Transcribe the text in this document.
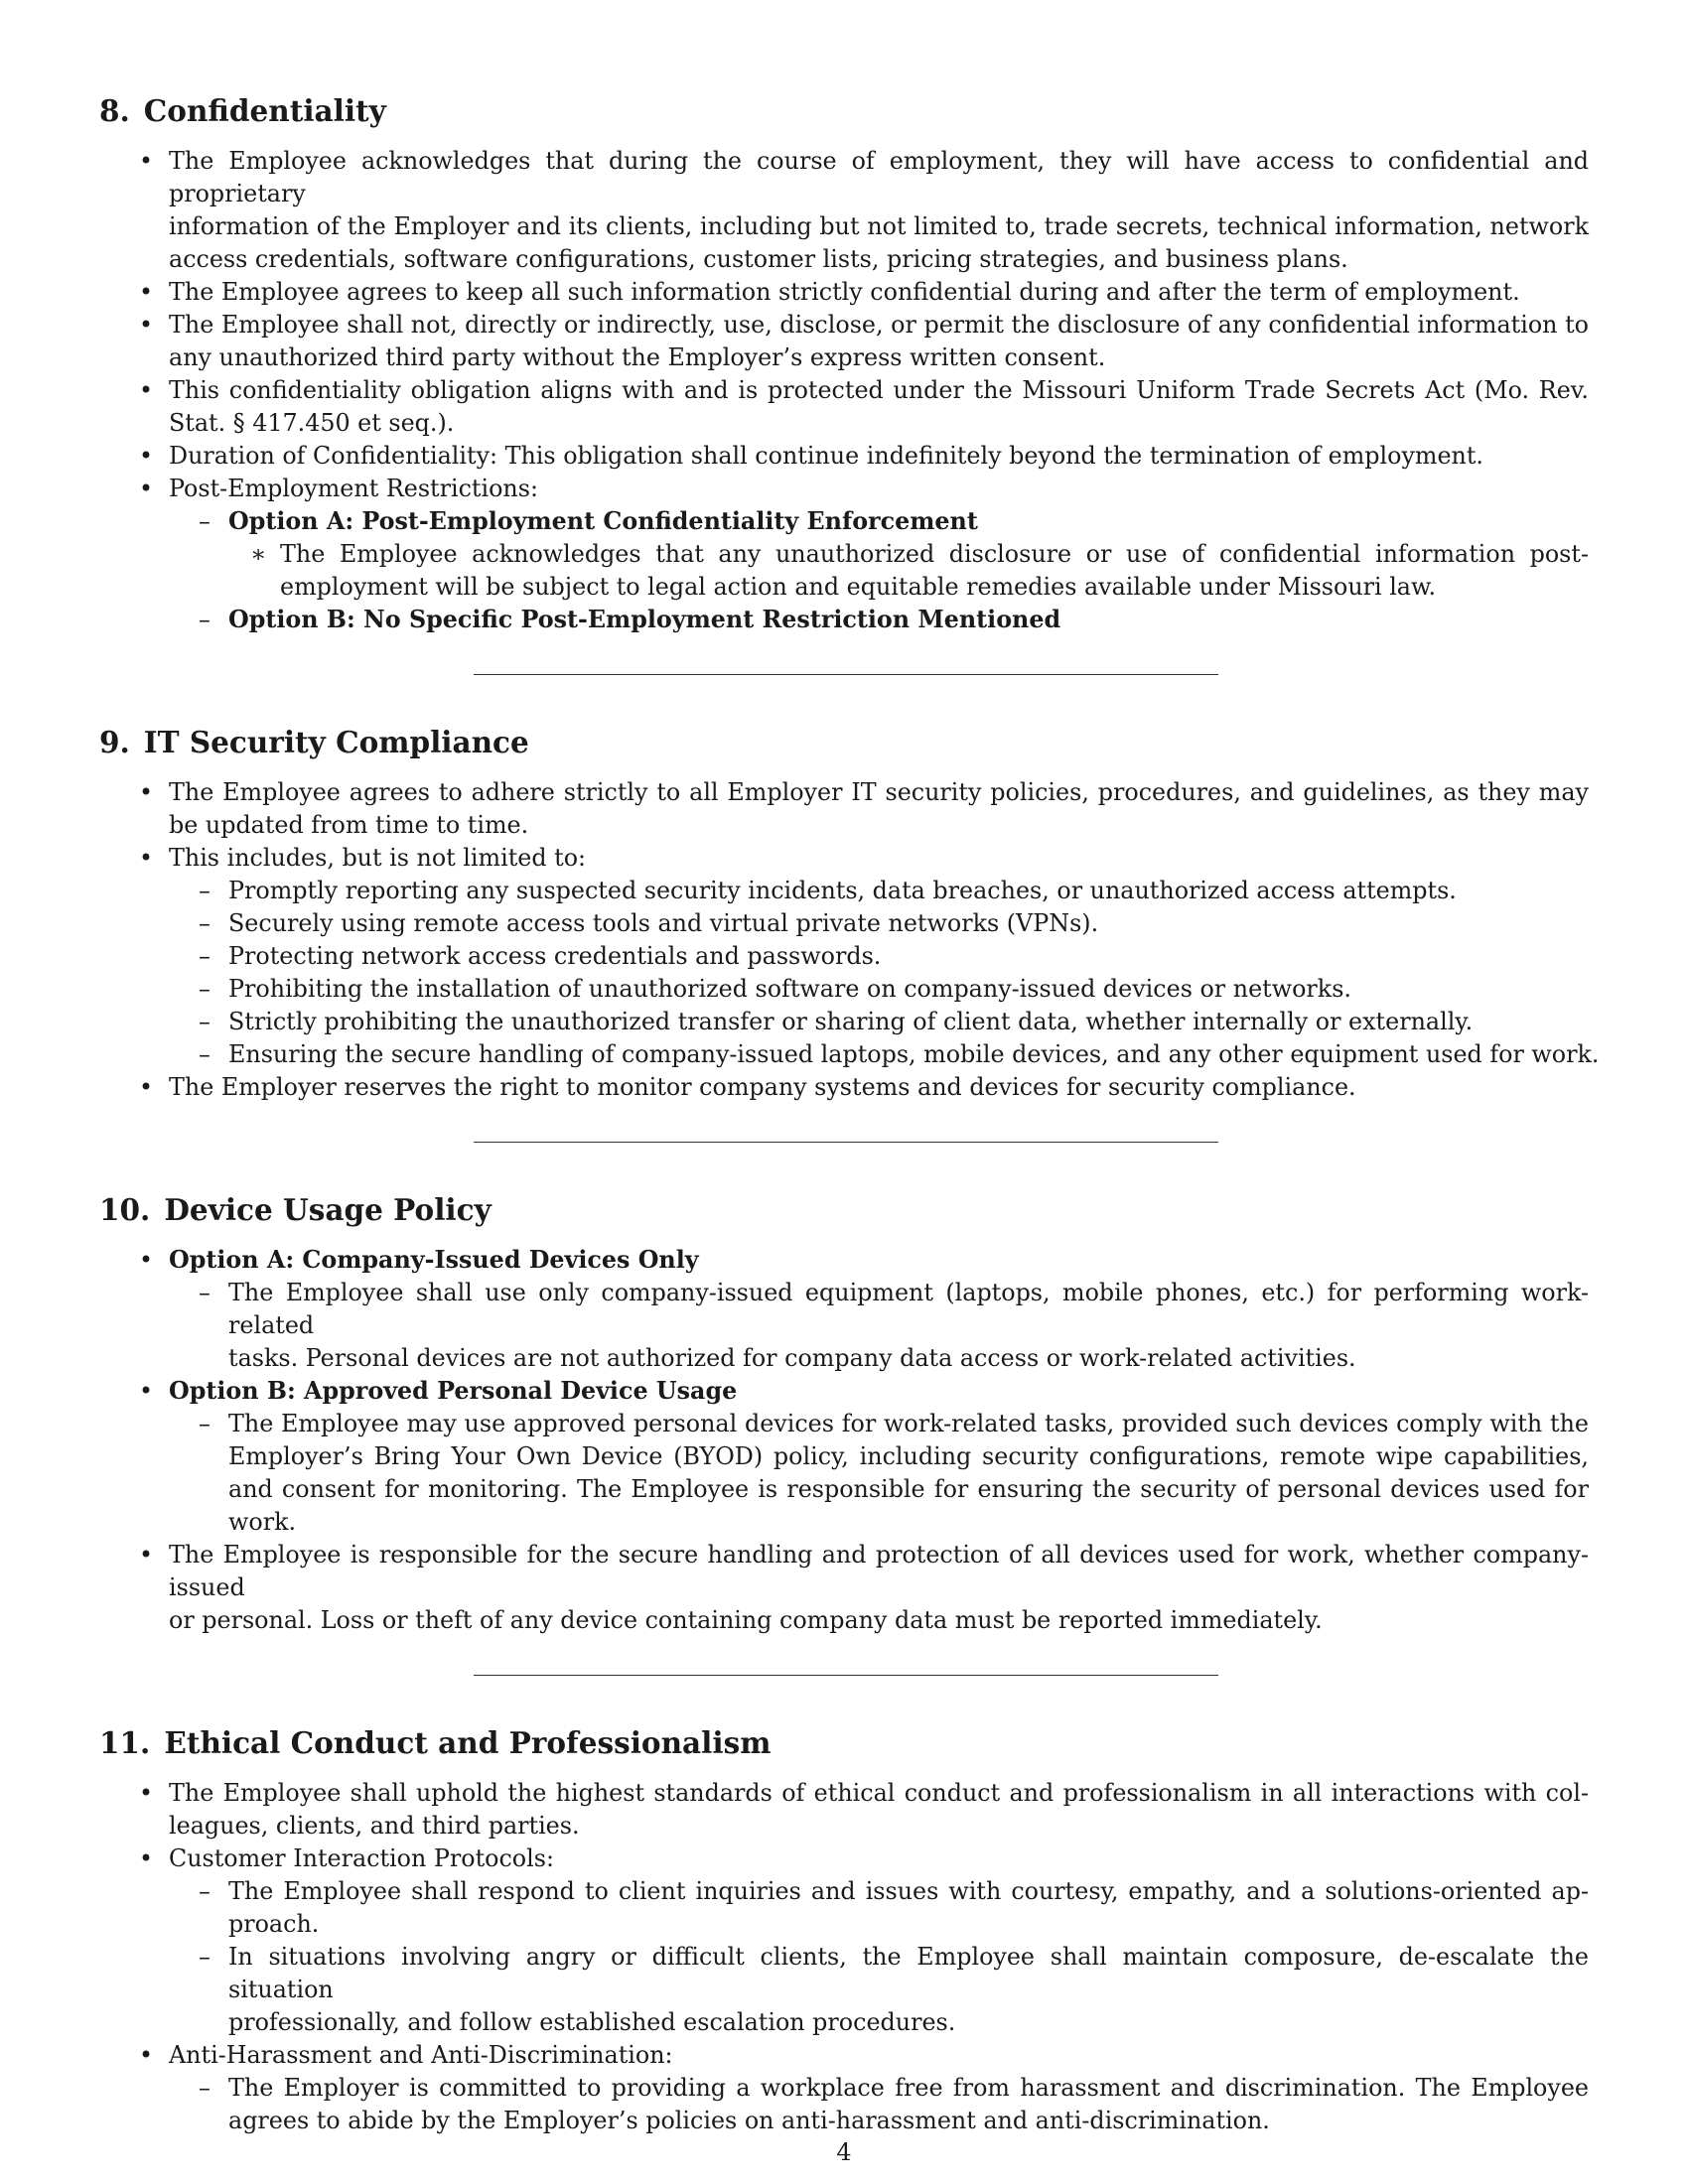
8. Confidentiality
• The Employee acknowledges that during the course of employment, they will have access to confidential and proprietary
information of the Employer and its clients, including but not limited to, trade secrets, technical information, network
access credentials, software configurations, customer lists, pricing strategies, and business plans.
• The Employee agrees to keep all such information strictly confidential during and after the term of employment.
• The Employee shall not, directly or indirectly, use, disclose, or permit the disclosure of any confidential information to
any unauthorized third party without the Employer’s express written consent.
• This confidentiality obligation aligns with and is protected under the Missouri Uniform Trade Secrets Act (Mo. Rev.
Stat. § 417.450 et seq.).
• Duration of Confidentiality: This obligation shall continue indefinitely beyond the termination of employment.
• Post-Employment Restrictions:
– Option A: Post-Employment Confidentiality Enforcement
∗ The Employee acknowledges that any unauthorized disclosure or use of confidential information post-
employment will be subject to legal action and equitable remedies available under Missouri law.
– Option B: No Specific Post-Employment Restriction Mentioned
9. IT Security Compliance
• The Employee agrees to adhere strictly to all Employer IT security policies, procedures, and guidelines, as they may
be updated from time to time.
• This includes, but is not limited to:
– Promptly reporting any suspected security incidents, data breaches, or unauthorized access attempts.
– Securely using remote access tools and virtual private networks (VPNs).
– Protecting network access credentials and passwords.
– Prohibiting the installation of unauthorized software on company-issued devices or networks.
– Strictly prohibiting the unauthorized transfer or sharing of client data, whether internally or externally.
– Ensuring the secure handling of company-issued laptops, mobile devices, and any other equipment used for work.
• The Employer reserves the right to monitor company systems and devices for security compliance.
10. Device Usage Policy
• Option A: Company-Issued Devices Only
– The Employee shall use only company-issued equipment (laptops, mobile phones, etc.) for performing work-related
tasks. Personal devices are not authorized for company data access or work-related activities.
• Option B: Approved Personal Device Usage
– The Employee may use approved personal devices for work-related tasks, provided such devices comply with the
Employer’s Bring Your Own Device (BYOD) policy, including security configurations, remote wipe capabilities,
and consent for monitoring. The Employee is responsible for ensuring the security of personal devices used for
work.
• The Employee is responsible for the secure handling and protection of all devices used for work, whether company-issued
or personal. Loss or theft of any device containing company data must be reported immediately.
11. Ethical Conduct and Professionalism
• The Employee shall uphold the highest standards of ethical conduct and professionalism in all interactions with col-
leagues, clients, and third parties.
• Customer Interaction Protocols:
– The Employee shall respond to client inquiries and issues with courtesy, empathy, and a solutions-oriented ap-
proach.
– In situations involving angry or difficult clients, the Employee shall maintain composure, de-escalate the situation
professionally, and follow established escalation procedures.
• Anti-Harassment and Anti-Discrimination:
– The Employer is committed to providing a workplace free from harassment and discrimination. The Employee
agrees to abide by the Employer’s policies on anti-harassment and anti-discrimination.
4
